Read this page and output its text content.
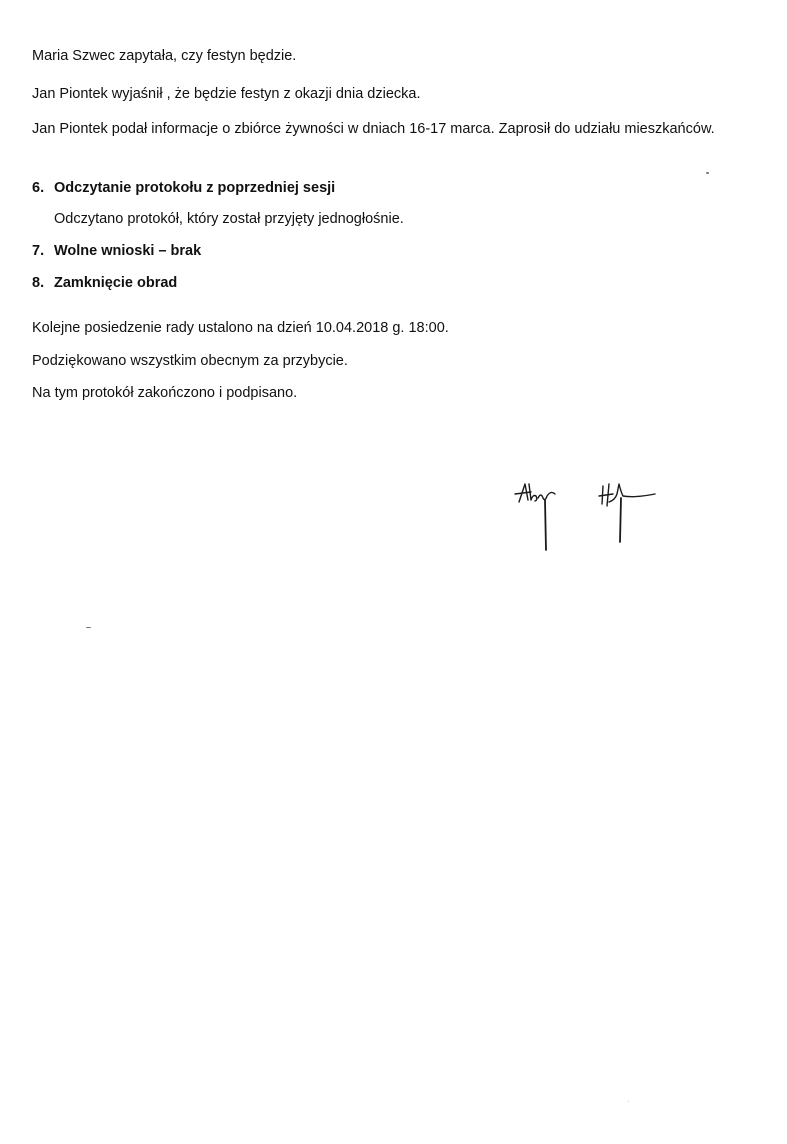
Maria Szwec zapytała, czy festyn będzie.
Jan Piontek wyjaśnił , że będzie festyn z okazji dnia dziecka.
Jan Piontek podał informacje o zbiórce żywności w dniach 16-17 marca. Zaprosił do udziału mieszkańców.
6. Odczytanie protokołu z poprzedniej sesji
Odczytano protokół, który został przyjęty jednogłośnie.
7. Wolne wnioski – brak
8. Zamknięcie obrad
Kolejne posiedzenie rady ustalono na dzień 10.04.2018 g. 18:00.
Podziękowano wszystkim obecnym za przybycie.
Na tym protokół zakończono i podpisano.
